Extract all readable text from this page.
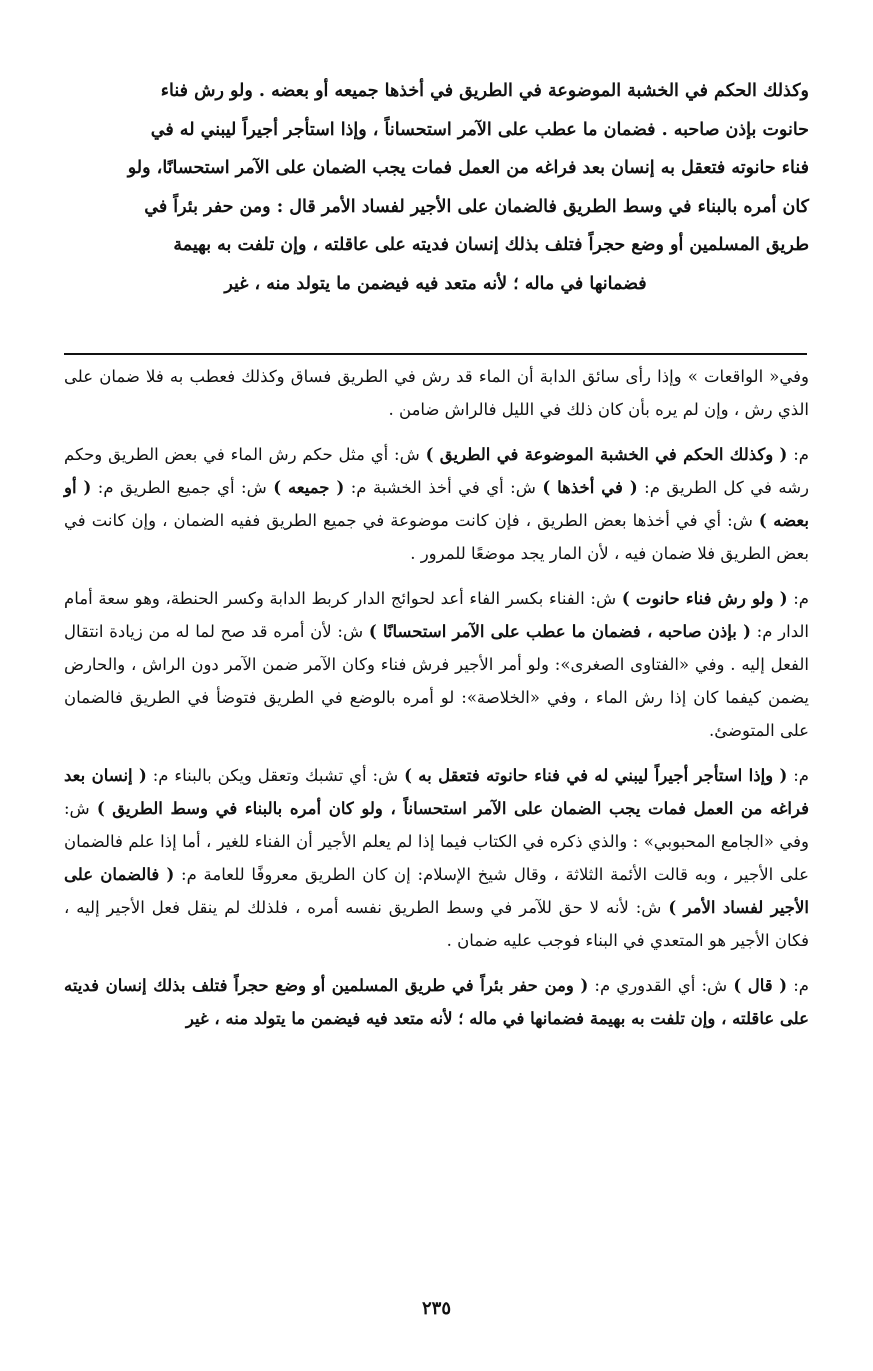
وكذلك الحكم في الخشبة الموضوعة في الطريق في أخذها جميعه أو بعضه . ولو رش فناء

حانوت بإذن صاحبه . فضمان ما عطب على الآمر استحساناً ، وإذا استأجر أجيراً ليبني له في

فناء حانوته فتعقل به إنسان بعد فراغه من العمل فمات يجب الضمان على الآمر استحسانًا، ولو

كان أمره بالبناء في وسط الطريق فالضمان على الأجير لفساد الأمر قال : ومن حفر بئراً في

طريق المسلمين أو وضع حجراً فتلف بذلك إنسان فديته على عاقلته ، وإن تلفت به بهيمة

فضمانها في ماله ؛ لأنه متعد فيه فيضمن ما يتولد منه ، غير

وفي« الواقعات » وإذا رأى سائق الدابة أن الماء قد رش في الطريق فساق وكذلك فعطب به فلا ضمان على الذي رش ، وإن لم يره بأن كان ذلك في الليل فالراش ضامن .

م: ( وكذلك الحكم في الخشبة الموضوعة في الطريق ) ش: أي مثل حكم رش الماء في بعض الطريق وحكم رشه في كل الطريق م: ( في أخذها ) ش: أي في أخذ الخشبة م: ( جميعه ) ش: أي جميع الطريق م: ( أو بعضه ) ش: أي في أخذها بعض الطريق ، فإن كانت موضوعة في جميع الطريق ففيه الضمان ، وإن كانت في بعض الطريق فلا ضمان فيه ، لأن المار يجد موضعًا للمرور .

م: ( ولو رش فناء حانوت ) ش: الفناء بكسر الفاء أعد لحوائج الدار كربط الدابة وكسر الحنطة، وهو سعة أمام الدار م: ( بإذن صاحبه ، فضمان ما عطب على الآمر استحسانًا ) ش: لأن أمره قد صح لما له من زيادة انتقال الفعل إليه . وفي «الفتاوى الصغرى»: ولو أمر الأجير فرش فناء وكان الآمر ضمن الآمر دون الراش ، والحارض يضمن كيفما كان إذا رش الماء ، وفي «الخلاصة»: لو أمره بالوضع في الطريق فتوضأ في الطريق فالضمان على المتوضئ.

م: ( وإذا استأجر أجيراً ليبني له في فناء حانوته فتعقل به ) ش: أي تشبك وتعقل ويكن بالبناء م: ( إنسان بعد فراغه من العمل فمات يجب الضمان على الآمر استحساناً ، ولو كان أمره بالبناء في وسط الطريق ) ش: وفي «الجامع المحبوبي» : والذي ذكره في الكتاب فيما إذا لم يعلم الأجير أن الفناء للغير ، أما إذا علم فالضمان على الأجير ، وبه قالت الأئمة الثلاثة ، وقال شيخ الإسلام: إن كان الطريق معروفًا للعامة م: ( فالضمان على الأجير لفساد الأمر ) ش: لأنه لا حق للآمر في وسط الطريق نفسه أمره ، فلذلك لم ينقل فعل الأجير إليه ، فكان الأجير هو المتعدي في البناء فوجب عليه ضمان .

م: ( قال ) ش: أي القدوري م: ( ومن حفر بئراً في طريق المسلمين أو وضع حجراً فتلف بذلك إنسان فديته على عاقلته ، وإن تلفت به بهيمة فضمانها في ماله ؛ لأنه متعد فيه فيضمن ما يتولد منه ، غير

٢٣٥
